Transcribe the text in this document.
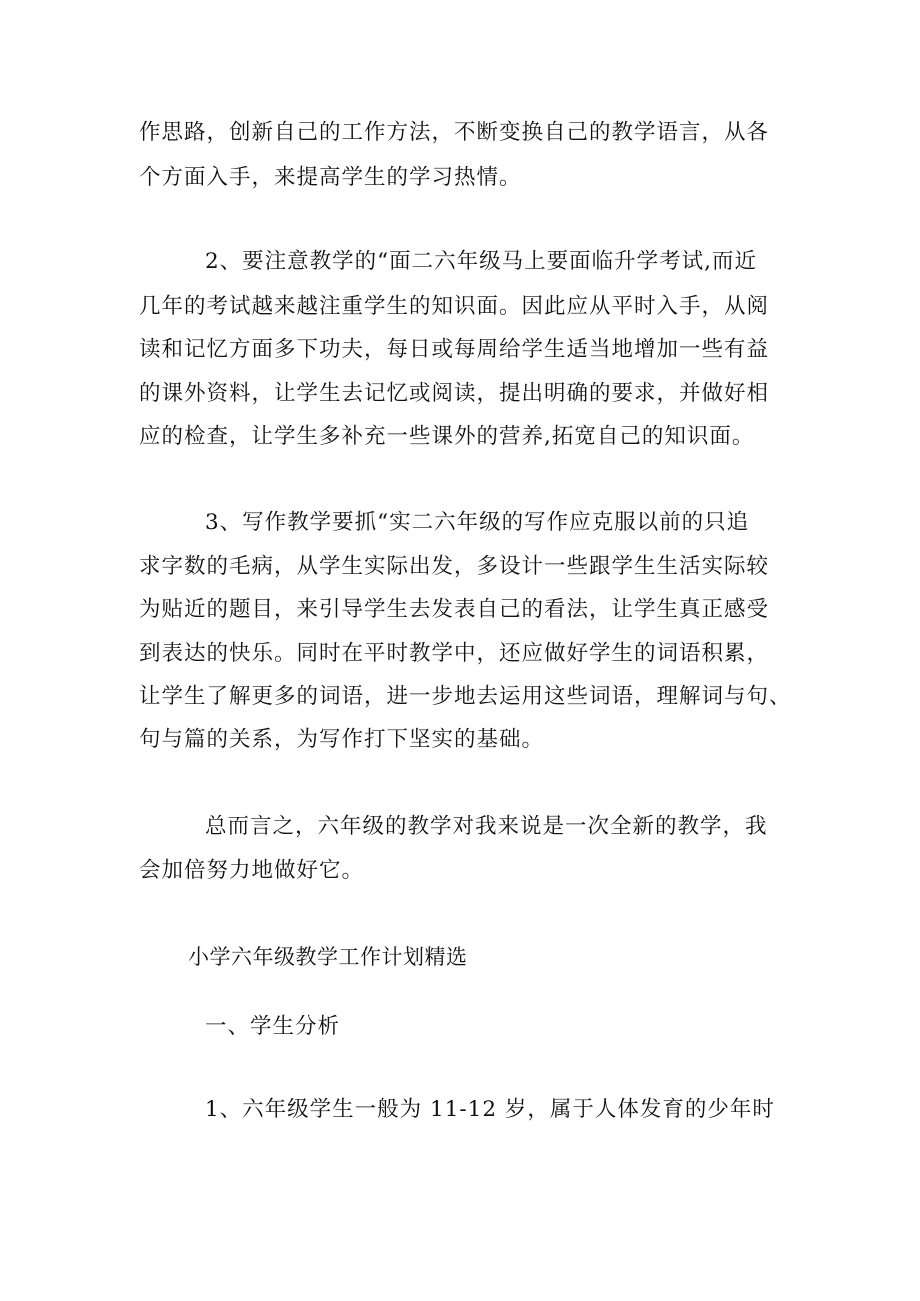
作思路，创新自己的工作方法，不断变换自己的教学语言，从各
个方面入手，来提高学生的学习热情。
2、要注意教学的“面二六年级马上要面临升学考试,而近
几年的考试越来越注重学生的知识面。因此应从平时入手，从阅
读和记忆方面多下功夫，每日或每周给学生适当地增加一些有益
的课外资料，让学生去记忆或阅读，提出明确的要求，并做好相
应的检查，让学生多补充一些课外的营养,拓宽自己的知识面。
3、写作教学要抓“实二六年级的写作应克服以前的只追
求字数的毛病，从学生实际出发，多设计一些跟学生生活实际较
为贴近的题目，来引导学生去发表自己的看法，让学生真正感受
到表达的快乐。同时在平时教学中，还应做好学生的词语积累，
让学生了解更多的词语，进一步地去运用这些词语，理解词与句、
句与篇的关系，为写作打下坚实的基础。
总而言之，六年级的教学对我来说是一次全新的教学，我
会加倍努力地做好它。
小学六年级教学工作计划精选
一、学生分析
1、六年级学生一般为 11-12 岁，属于人体发育的少年时
